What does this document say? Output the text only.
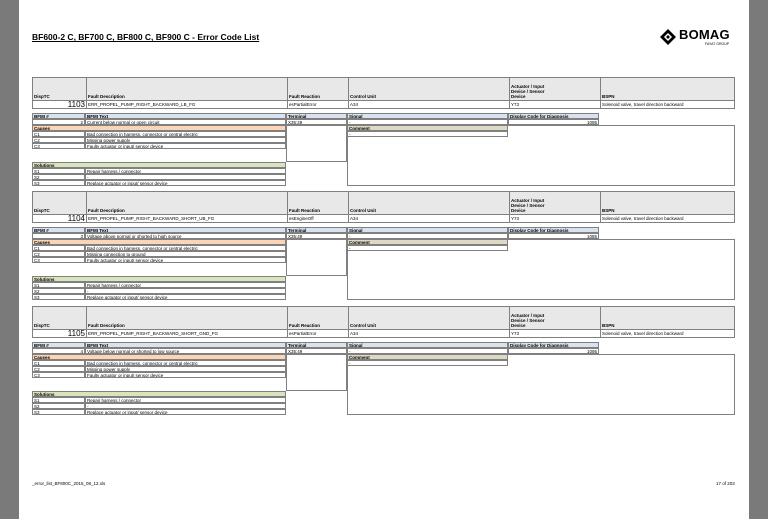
BF600-2 C, BF700 C, BF800 C, BF900 C - Error Code List	BOMAG
FAYAT GROUP
DispTC	Fault Description	Fault Reaction	Control Unit
Actuator / Input Device / Sensor Device	BSPN
1103 ERR_PROPEL_PUMP_RIGHT_BACKWARD_LB_FG	esPartialError	A34	Y73	Solenoid valve, travel direction backward
BFMI #	BFMI Text	Terminal	Signal	Display Code for Diagnosis
2 Current below normal or open circuit	X35:49	-	1095
Causes	Comment
-
C1	Bad connection in harness, connector or central electric
C2	Missing power supply
C3	Faulty actuator or input/ sensor device
Solutions
S1	Repair harness / connector
S2	-
S3	Replace actuator or input/ sensor device
DispTC	Fault Description	Fault Reaction	Control Unit
Actuator / Input Device / Sensor Device	BSPN
1104 ERR_PROPEL_PUMP_RIGHT_BACKWARD_SHORT_UB_FG	esEngineOff	A34	Y73	Solenoid valve, travel direction backward
BFMI #	BFMI Text	Terminal	Signal	Display Code for Diagnosis
3 Voltage above normal or shorted to high source	X35:49	-	1085
Causes	Comment
-
C1	Bad connection in harness, connector or central electric
C2	Missing connection to ground
C3	Faulty actuator or input/ sensor device
Solutions
S1	Repair harness / connector
S2	-
S3	Replace actuator or input/ sensor device
DispTC	Fault Description	Fault Reaction	Control Unit
Actuator / Input Device / Sensor Device	BSPN
1105 ERR_PROPEL_PUMP_RIGHT_BACKWARD_SHORT_GND_FG	esPartialError	A34	Y73	Solenoid valve, travel direction backward
BFMI #	BFMI Text	Terminal	Signal	Display Code for Diagnosis
4 Voltage below normal or shorted to low source	X35:49	-	1095
Causes	Comment
-
C1	Bad connection in harness, connector or central electric
C2	Missing power supply
C3	Faulty actuator or input/ sensor device
Solutions
S1	Repair harness / connector
S2	-
S3	Replace actuator or input/ sensor device
_error_list_BF800C_2015_08_12.xls	17 of 203
